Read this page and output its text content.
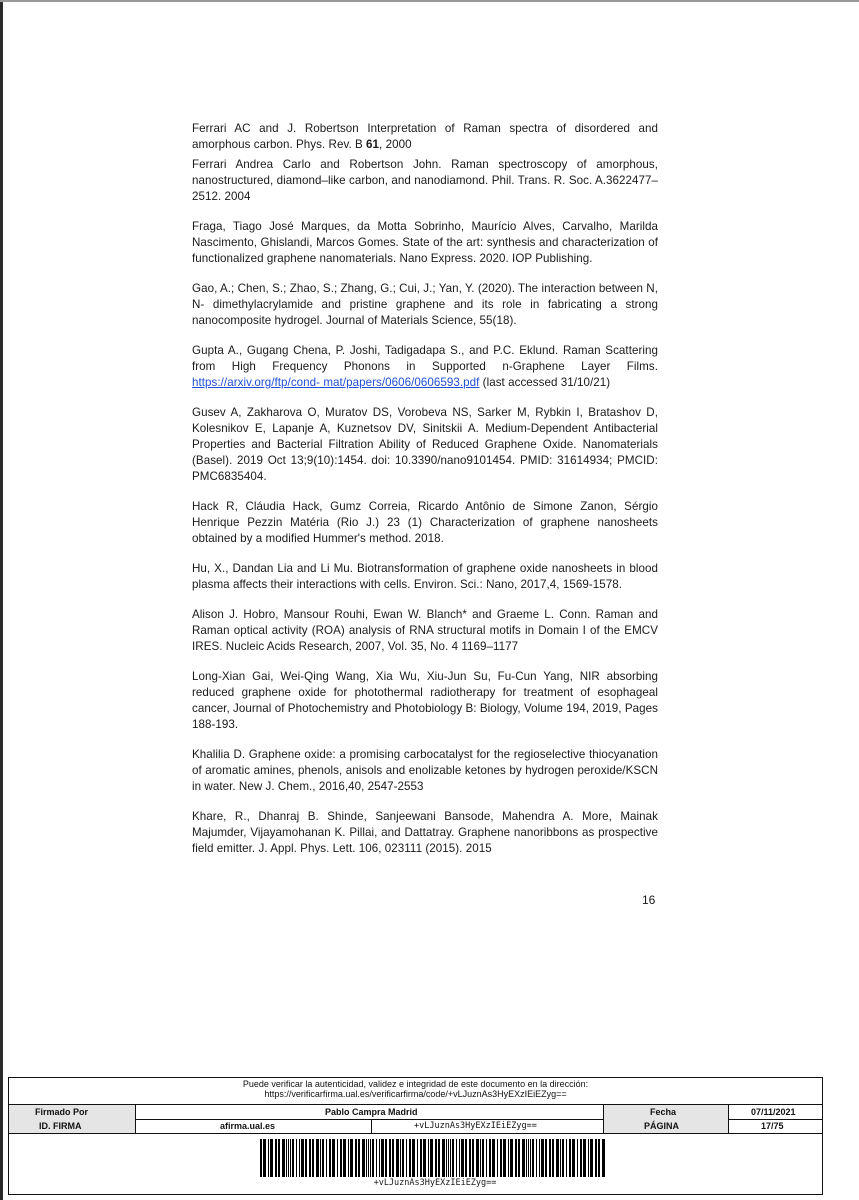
Ferrari AC and J. Robertson Interpretation of Raman spectra of disordered and amorphous carbon. Phys. Rev. B 61, 2000

Ferrari Andrea Carlo and Robertson John. Raman spectroscopy of amorphous, nanostructured, diamond–like carbon, and nanodiamond. Phil. Trans. R. Soc. A.3622477–2512. 2004

Fraga, Tiago José Marques, da Motta Sobrinho, Maurício Alves, Carvalho, Marilda Nascimento, Ghislandi, Marcos Gomes. State of the art: synthesis and characterization of functionalized graphene nanomaterials. Nano Express. 2020. IOP Publishing.

Gao, A.; Chen, S.; Zhao, S.; Zhang, G.; Cui, J.; Yan, Y. (2020). The interaction between N, N- dimethylacrylamide and pristine graphene and its role in fabricating a strong nanocomposite hydrogel. Journal of Materials Science, 55(18).

Gupta A., Gugang Chena, P. Joshi, Tadigadapa S., and P.C. Eklund. Raman Scattering from High Frequency Phonons in Supported n-Graphene Layer Films. https://arxiv.org/ftp/cond- mat/papers/0606/0606593.pdf (last accessed 31/10/21)

Gusev A, Zakharova O, Muratov DS, Vorobeva NS, Sarker M, Rybkin I, Bratashov D, Kolesnikov E, Lapanje A, Kuznetsov DV, Sinitskii A. Medium-Dependent Antibacterial Properties and Bacterial Filtration Ability of Reduced Graphene Oxide. Nanomaterials (Basel). 2019 Oct 13;9(10):1454. doi: 10.3390/nano9101454. PMID: 31614934; PMCID: PMC6835404.

Hack R, Cláudia Hack, Gumz Correia, Ricardo Antônio de Simone Zanon, Sérgio Henrique Pezzin Matéria (Rio J.) 23 (1) Characterization of graphene nanosheets obtained by a modified Hummer's method. 2018.

Hu, X., Dandan Lia and Li Mu. Biotransformation of graphene oxide nanosheets in blood plasma affects their interactions with cells. Environ. Sci.: Nano, 2017,4, 1569-1578.

Alison J. Hobro, Mansour Rouhi, Ewan W. Blanch* and Graeme L. Conn. Raman and Raman optical activity (ROA) analysis of RNA structural motifs in Domain I of the EMCV IRES. Nucleic Acids Research, 2007, Vol. 35, No. 4 1169–1177

Long-Xian Gai, Wei-Qing Wang, Xia Wu, Xiu-Jun Su, Fu-Cun Yang, NIR absorbing reduced graphene oxide for photothermal radiotherapy for treatment of esophageal cancer, Journal of Photochemistry and Photobiology B: Biology, Volume 194, 2019, Pages 188-193.

Khalilia D. Graphene oxide: a promising carbocatalyst for the regioselective thiocyanation of aromatic amines, phenols, anisols and enolizable ketones by hydrogen peroxide/KSCN in water. New J. Chem., 2016,40, 2547-2553

Khare, R., Dhanraj B. Shinde, Sanjeewani Bansode, Mahendra A. More, Mainak Majumder, Vijayamohanan K. Pillai, and Dattatray. Graphene nanoribbons as prospective field emitter. J. Appl. Phys. Lett. 106, 023111 (2015). 2015

16
Puede verificar la autenticidad, validez e integridad de este documento en la dirección:
https://verificarfirma.ual.es/verificarfirma/code/+vLJuznAs3HyEXzIEiEZyg==
Firmado Por	Pablo Campra Madrid	Fecha	07/11/2021
ID. FIRMA	afirma.ual.es	+vLJuznAs3HyEXzIEiEZyg==	PÁGINA	17/75
+vLJuznAs3HyEXzIEiEZyg==
